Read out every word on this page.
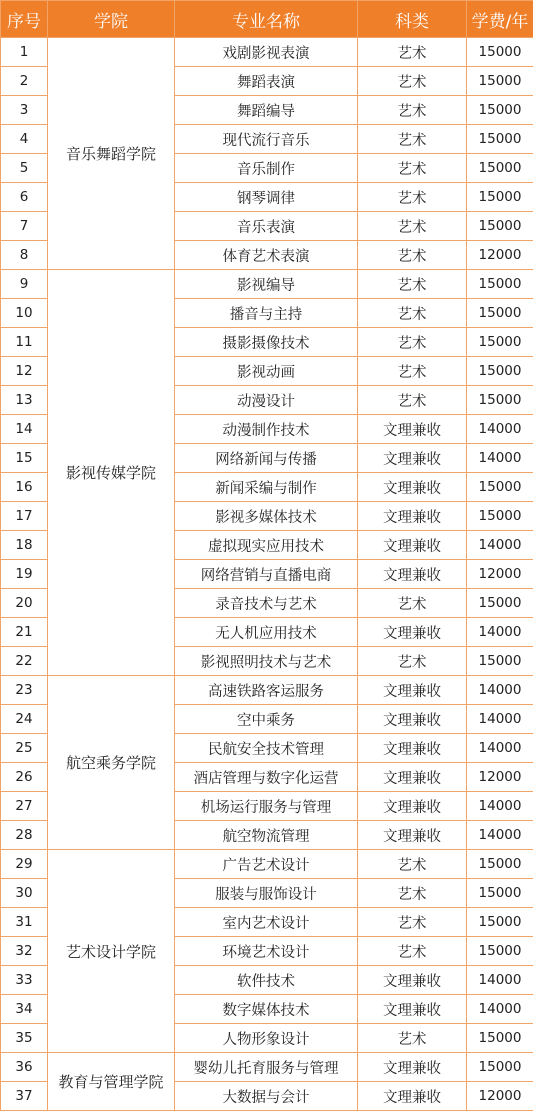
序号	学院	专业名称	科类	学费/年
1	音乐舞蹈学院	戏剧影视表演	艺术	15000
2		舞蹈表演	艺术	15000
3		舞蹈编导	艺术	15000
4		现代流行音乐	艺术	15000
5		音乐制作	艺术	15000
6		钢琴调律	艺术	15000
7		音乐表演	艺术	15000
8		体育艺术表演	艺术	12000
9	影视传媒学院	影视编导	艺术	15000
10		播音与主持	艺术	15000
11		摄影摄像技术	艺术	15000
12		影视动画	艺术	15000
13		动漫设计	艺术	15000
14		动漫制作技术	文理兼收	14000
15		网络新闻与传播	文理兼收	14000
16		新闻采编与制作	文理兼收	15000
17		影视多媒体技术	文理兼收	15000
18		虚拟现实应用技术	文理兼收	14000
19		网络营销与直播电商	文理兼收	12000
20		录音技术与艺术	艺术	15000
21		无人机应用技术	文理兼收	14000
22		影视照明技术与艺术	艺术	15000
23	航空乘务学院	高速铁路客运服务	文理兼收	14000
24		空中乘务	文理兼收	14000
25		民航安全技术管理	文理兼收	14000
26		酒店管理与数字化运营	文理兼收	12000
27		机场运行服务与管理	文理兼收	14000
28		航空物流管理	文理兼收	14000
29	艺术设计学院	广告艺术设计	艺术	15000
30		服装与服饰设计	艺术	15000
31		室内艺术设计	艺术	15000
32		环境艺术设计	艺术	15000
33		软件技术	文理兼收	14000
34		数字媒体技术	文理兼收	14000
35		人物形象设计	艺术	15000
36	教育与管理学院	婴幼儿托育服务与管理	文理兼收	15000
37		大数据与会计	文理兼收	12000
